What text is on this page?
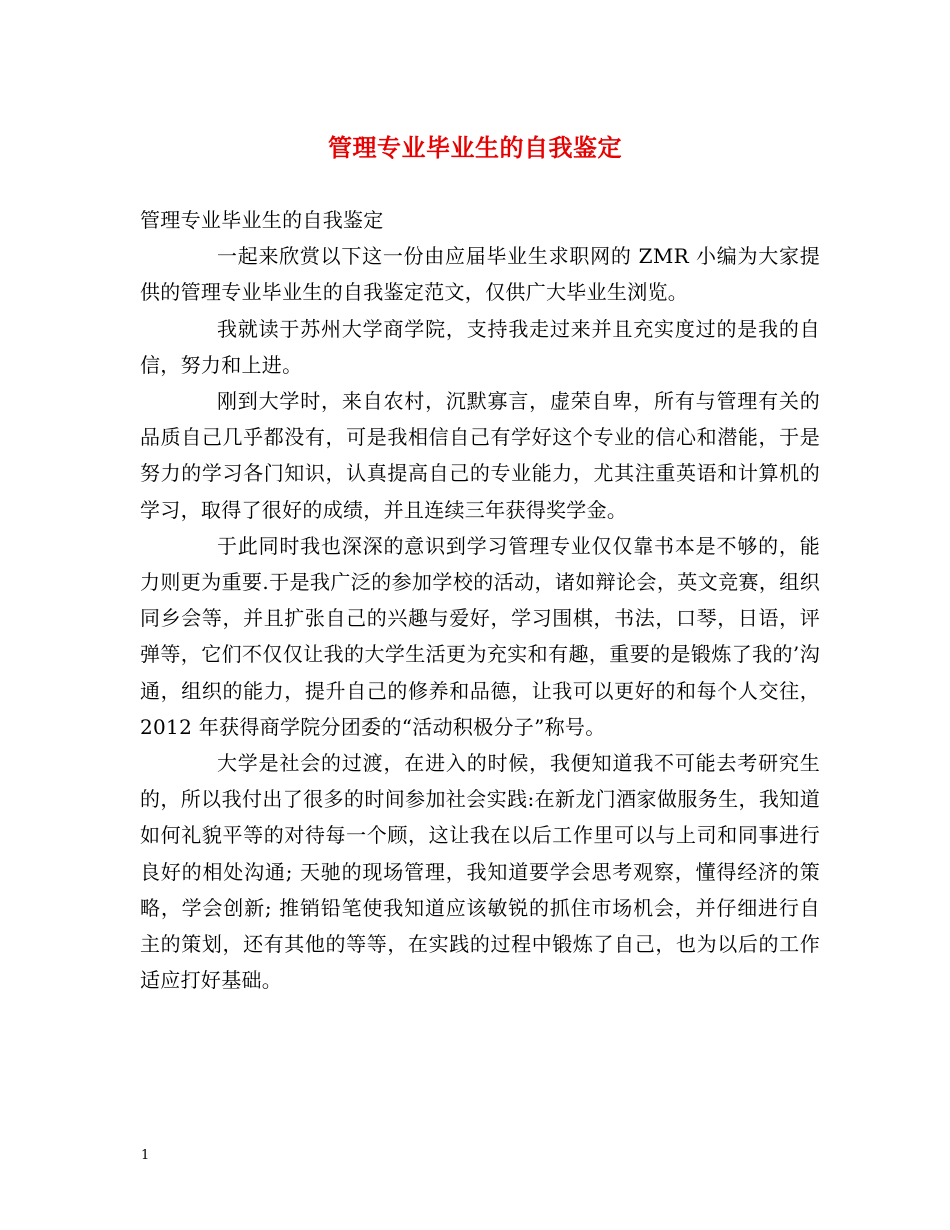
管理专业毕业生的自我鉴定

管理专业毕业生的自我鉴定

一起来欣赏以下这一份由应届毕业生求职网的 ZMR 小编为大家提供的管理专业毕业生的自我鉴定范文，仅供广大毕业生浏览。

我就读于苏州大学商学院，支持我走过来并且充实度过的是我的自信，努力和上进。

刚到大学时，来自农村，沉默寡言，虚荣自卑，所有与管理有关的品质自己几乎都没有，可是我相信自己有学好这个专业的信心和潜能，于是努力的学习各门知识，认真提高自己的专业能力，尤其注重英语和计算机的学习，取得了很好的成绩，并且连续三年获得奖学金。

于此同时我也深深的意识到学习管理专业仅仅靠书本是不够的，能力则更为重要.于是我广泛的参加学校的活动，诸如辩论会，英文竞赛，组织同乡会等，并且扩张自己的兴趣与爱好，学习围棋，书法，口琴，日语，评弹等，它们不仅仅让我的大学生活更为充实和有趣，重要的是锻炼了我的’沟通，组织的能力，提升自己的修养和品德，让我可以更好的和每个人交往，2012 年获得商学院分团委的“活动积极分子”称号。

大学是社会的过渡，在进入的时候，我便知道我不可能去考研究生的，所以我付出了很多的时间参加社会实践:在新龙门酒家做服务生，我知道如何礼貌平等的对待每一个顾，这让我在以后工作里可以与上司和同事进行良好的相处沟通; 天驰的现场管理，我知道要学会思考观察，懂得经济的策略，学会创新; 推销铅笔使我知道应该敏锐的抓住市场机会，并仔细进行自主的策划，还有其他的等等，在实践的过程中锻炼了自己，也为以后的工作适应打好基础。

1
